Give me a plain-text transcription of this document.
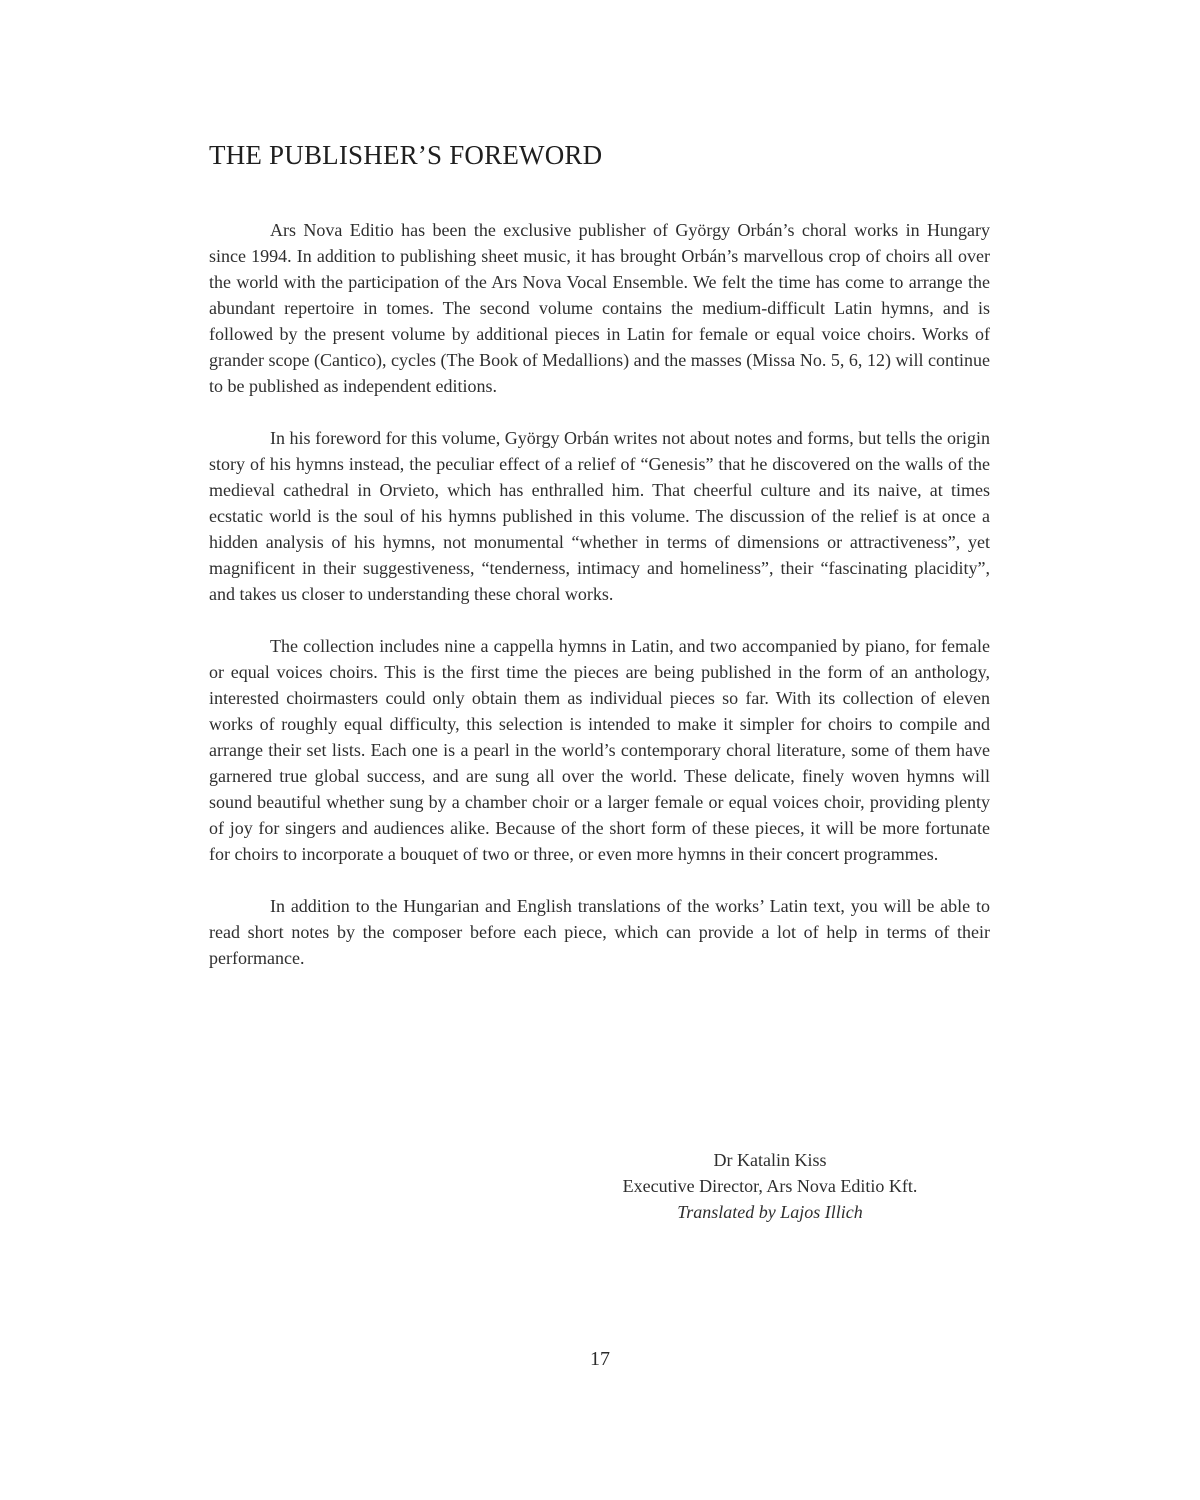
THE PUBLISHER’S FOREWORD

Ars Nova Editio has been the exclusive publisher of György Orbán’s choral works in Hungary since 1994. In addition to publishing sheet music, it has brought Orbán’s marvellous crop of choirs all over the world with the participation of the Ars Nova Vocal Ensemble. We felt the time has come to arrange the abundant repertoire in tomes. The second volume contains the medium-difficult Latin hymns, and is followed by the present volume by additional pieces in Latin for female or equal voice choirs. Works of grander scope (Cantico), cycles (The Book of Medallions) and the masses (Missa No. 5, 6, 12) will continue to be published as independent editions.

In his foreword for this volume, György Orbán writes not about notes and forms, but tells the origin story of his hymns instead, the peculiar effect of a relief of “Genesis” that he discovered on the walls of the medieval cathedral in Orvieto, which has enthralled him. That cheerful culture and its naive, at times ecstatic world is the soul of his hymns published in this volume. The discussion of the relief is at once a hidden analysis of his hymns, not monumental “whether in terms of dimensions or attractiveness”, yet magnificent in their suggestiveness, “tenderness, intimacy and homeliness”, their “fascinating placidity”, and takes us closer to understanding these choral works.

The collection includes nine a cappella hymns in Latin, and two accompanied by piano, for female or equal voices choirs. This is the first time the pieces are being published in the form of an anthology, interested choirmasters could only obtain them as individual pieces so far. With its collection of eleven works of roughly equal difficulty, this selection is intended to make it simpler for choirs to compile and arrange their set lists. Each one is a pearl in the world’s contemporary choral literature, some of them have garnered true global success, and are sung all over the world. These delicate, finely woven hymns will sound beautiful whether sung by a chamber choir or a larger female or equal voices choir, providing plenty of joy for singers and audiences alike. Because of the short form of these pieces, it will be more fortunate for choirs to incorporate a bouquet of two or three, or even more hymns in their concert programmes.

In addition to the Hungarian and English translations of the works’ Latin text, you will be able to read short notes by the composer before each piece, which can provide a lot of help in terms of their performance.

Dr Katalin Kiss
Executive Director, Ars Nova Editio Kft.
Translated by Lajos Illich
17
